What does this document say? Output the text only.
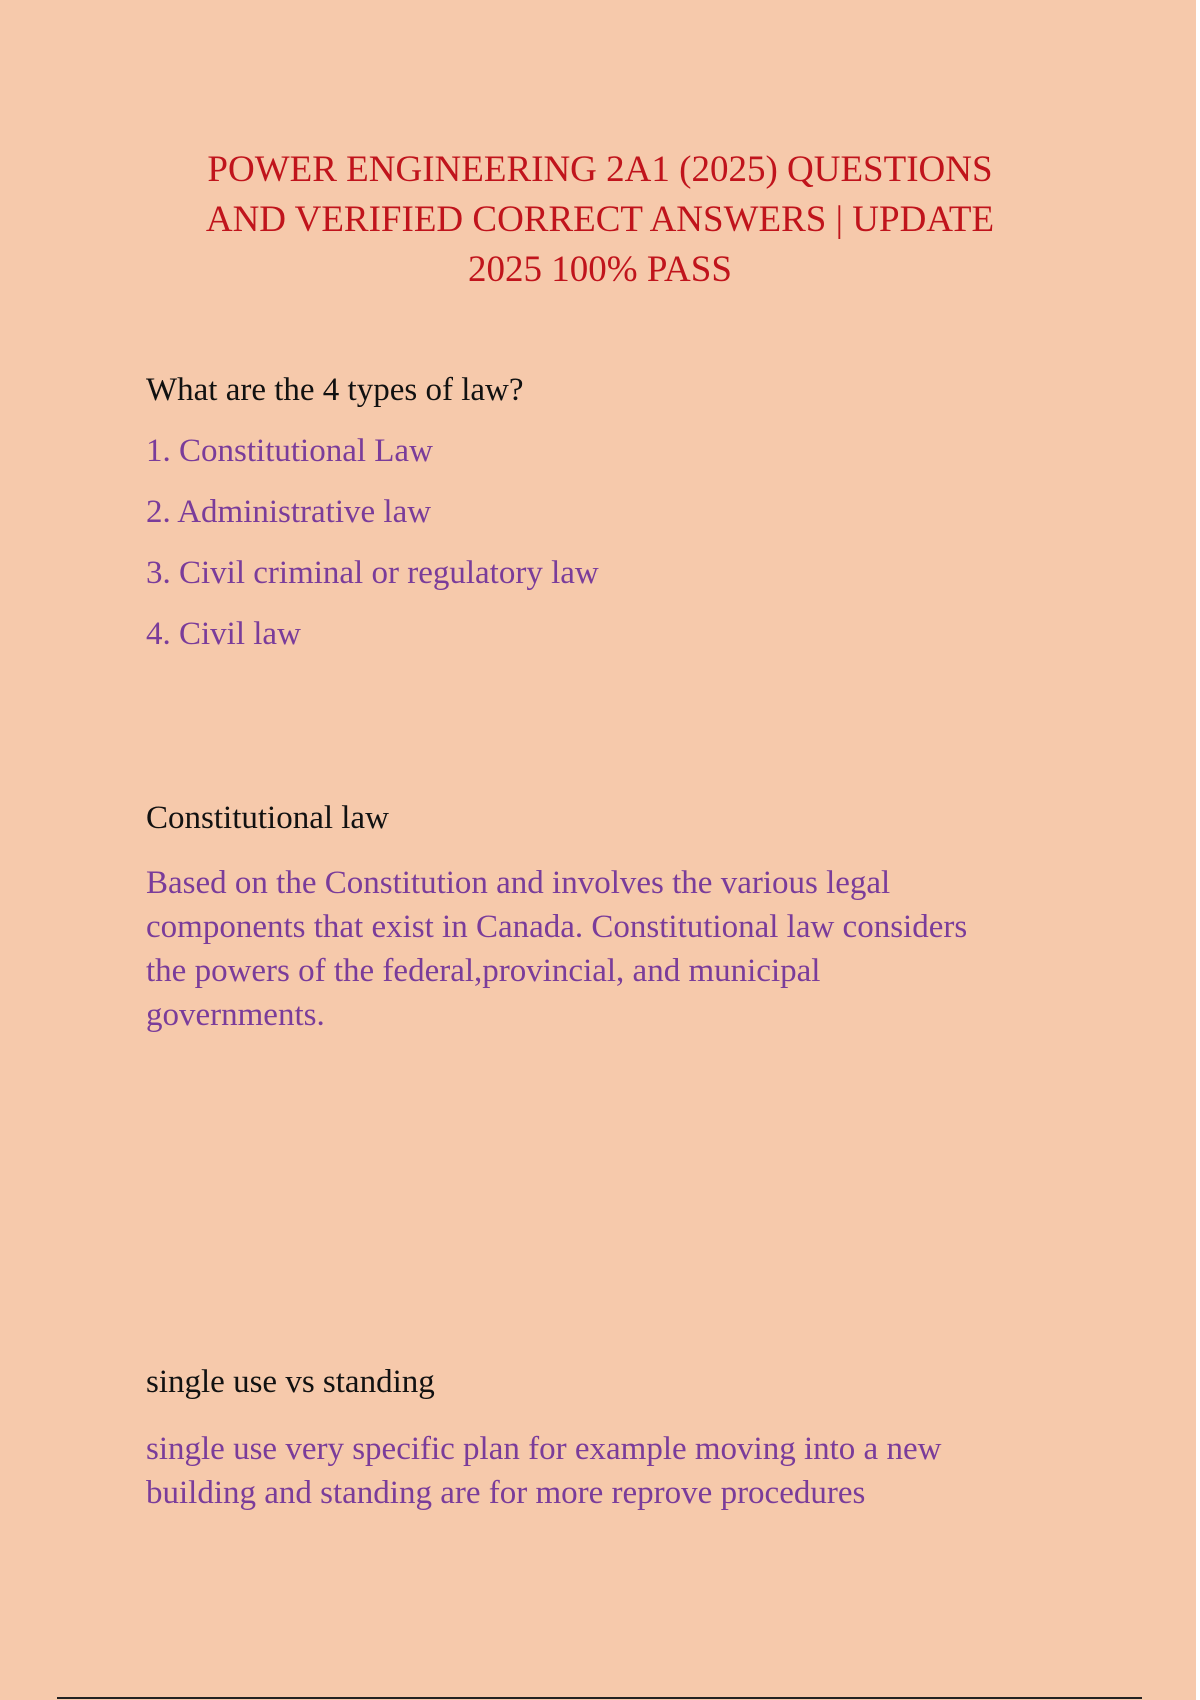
POWER ENGINEERING 2A1 (2025) QUESTIONS
AND VERIFIED CORRECT ANSWERS | UPDATE
2025 100% PASS

What are the 4 types of law?

1. Constitutional Law

2. Administrative law

3. Civil criminal or regulatory law

4. Civil law

Constitutional law

Based on the Constitution and involves the various legal
components that exist in Canada. Constitutional law considers
the powers of the federal,provincial, and municipal
governments.

single use vs standing

single use very specific plan for example moving into a new
building and standing are for more reprove procedures
